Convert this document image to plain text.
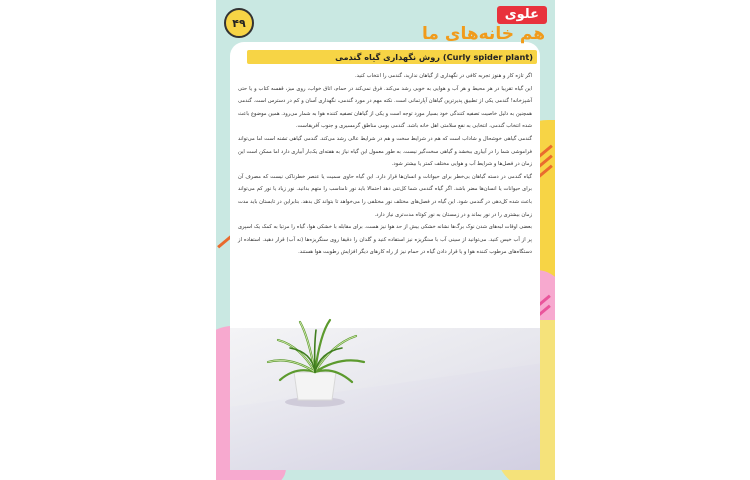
۴۹
علوی
هم خانه‌های ما
روش نگهداری گیاه گندمی (Curly spider plant)

اگر تازه کار و هنوز تجربه کافی در نگهداری از گیاهان ندارید، گندمی را انتخاب کنید.

این گیاه تقریبا در هر محیط و هر آب و هوایی به خوبی رشد می‌کند. فرق نمی‌کند در حمام، اتاق خواب، روی میز، قفسه کتاب و یا حتی آشپزخانه! گندمی یکی از تطبیق پذیرترین گیاهان آپارتمانی است. نکته مهم در مورد گندمی، نگهداری آسان و کم در دسترس است. گندمی همچنین به دلیل خاصیت تصفیه کنندگی خود بسیار مورد توجه است و یکی از گیاهان تصفیه کننده هوا به شمار می‌رود. همین موضوع باعث شده انتخاب گندمی، انتخابی به نفع سلامتی اهل خانه باشد. گندمی بومی مناطق گرمسیری و جنوب آفریقاست.

گندمی گیاهی خوشحال و شاداب است که هم در شرایط سخت و هم در شرایط عالی رشد می‌کند. گندمی گیاهی تشنه است اما می‌تواند فراموشی شما را در آبیاری ببخشد و گیاهی سخت‌گیر نیست. به طور معمول این گیاه نیاز به هفته‌ای یک‌بار آبیاری دارد اما ممکن است این زمان در فصل‌ها و شرایط آب و هوایی مختلف کمتر یا بیشتر شود.

گیاه گندمی در دسته گیاهان بی‌خطر برای حیوانات و انسان‌ها قرار دارد. این گیاه حاوی سمیت یا عنصر خطرناکی نیست که مصرف آن برای حیوانات یا انسان‌ها مضر باشد. اگر گیاه گندمی شما کل‌تنی دهد احتمالا باید نور نامناسب را متهم بدانید. نور زیاد یا نور کم می‌تواند باعث شده کل‌دهی در گندمی شود. این گیاه در فصل‌های مختلف نور مختلفی را می‌خواهد تا بتواند کل بدهد. بنابراین در تابستان باید مدت زمان بیشتری را در نور بماند و در زمستان به نور کوتاه مدت‌تری نیاز دارد.

بعضی اوقات لبه‌های شدن نوک برگ‌ها نشانه خشکی بیش از حد هوا نیز هست. برای مقابله با خشکی هوا، گیاه را مرتبا به کمک یک اسپری پر از آب خیس کنید. می‌توانید از سینی آب با سنگریزه نیز استفاده کنید و گلدان را دقیقا روی سنگریزه‌ها (نه آب) قرار دهید. استفاده از دستگاه‌های مرطوب کننده هوا و یا قرار دادن گیاه در حمام نیز از راه کارهای دیگر افزایش رطوبت هوا هستند.
